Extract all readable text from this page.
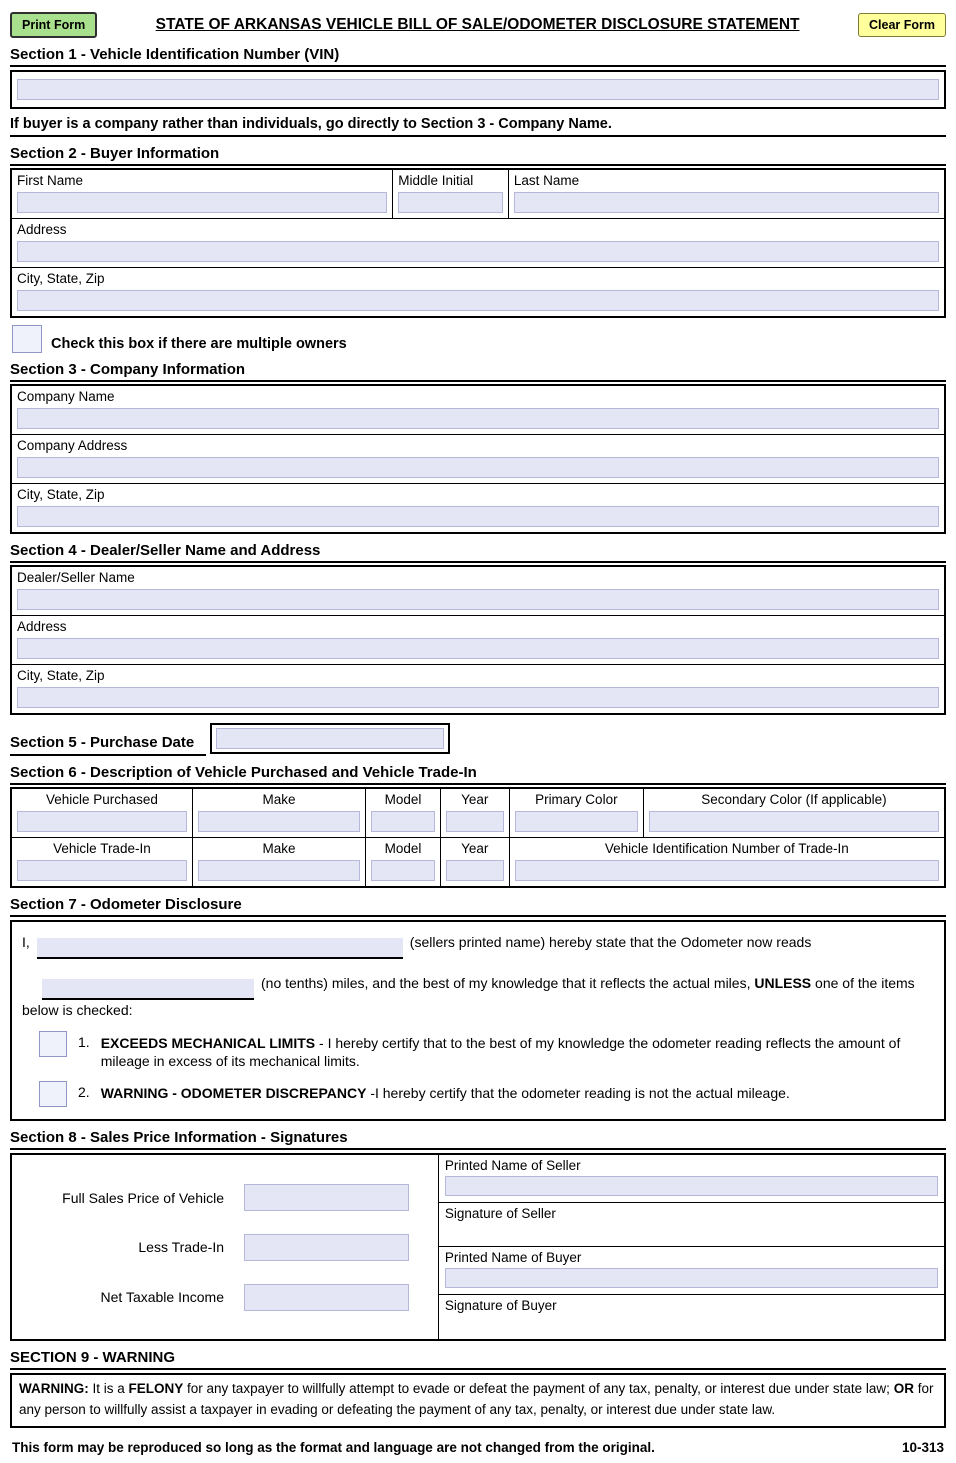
Print Form	STATE OF ARKANSAS VEHICLE BILL OF SALE/ODOMETER DISCLOSURE STATEMENT	Clear Form
Section 1 - Vehicle Identification Number (VIN)
If buyer is a company rather than individuals, go directly to Section 3 - Company Name.
Section 2 - Buyer Information
First Name	Middle Initial	Last Name
Address
City, State, Zip
Check this box if there are multiple owners
Section 3 - Company Information
Company Name
Company Address
City, State, Zip
Section 4 - Dealer/Seller Name and Address
Dealer/Seller Name
Address
City, State, Zip
Section 5 - Purchase Date
Section 6 - Description of Vehicle Purchased and Vehicle Trade-In
Vehicle Purchased	Make	Model	Year	Primary Color	Secondary Color (If applicable)
Vehicle Trade-In	Make	Model	Year	Vehicle Identification Number of Trade-In
Section 7 - Odometer Disclosure
I,	(sellers printed name) hereby state that the Odometer now reads
(no tenths) miles, and the best of my knowledge that it reflects the actual miles, UNLESS one of the items below is checked:
1. EXCEEDS MECHANICAL LIMITS - I hereby certify that to the best of my knowledge the odometer reading reflects the amount of mileage in excess of its mechanical limits.
2. WARNING - ODOMETER DISCREPANCY -I hereby certify that the odometer reading is not the actual mileage.
Section 8 - Sales Price Information - Signatures
Full Sales Price of Vehicle
Less Trade-In
Net Taxable Income
Printed Name of Seller
Signature of Seller
Printed Name of Buyer
Signature of Buyer
SECTION 9 - WARNING
WARNING: It is a FELONY for any taxpayer to willfully attempt to evade or defeat the payment of any tax, penalty, or interest due under state law; OR for any person to willfully assist a taxpayer in evading or defeating the payment of any tax, penalty, or interest due under state law.
This form may be reproduced so long as the format and language are not changed from the original.	10-313
